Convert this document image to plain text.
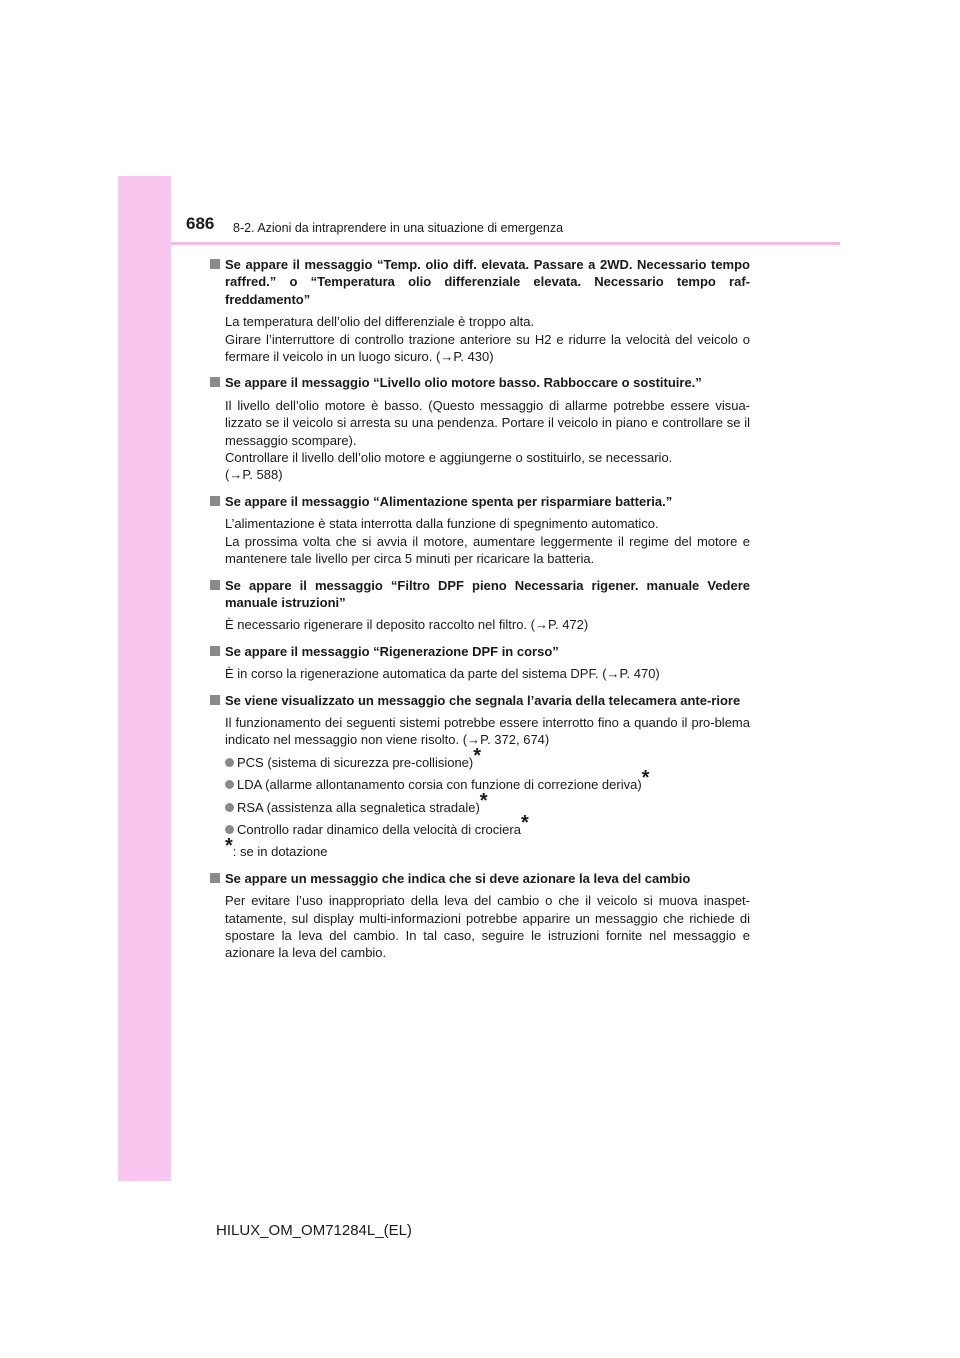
686 8-2. Azioni da intraprendere in una situazione di emergenza

Se appare il messaggio “Temp. olio diff. elevata. Passare a 2WD. Necessario tempo raffred.” o “Temperatura olio differenziale elevata. Necessario tempo raf-freddamento”

La temperatura dell’olio del differenziale è troppo alta.
Girare l’interruttore di controllo trazione anteriore su H2 e ridurre la velocità del veicolo o fermare il veicolo in un luogo sicuro. (→P. 430)

Se appare il messaggio “Livello olio motore basso. Rabboccare o sostituire.”

Il livello dell’olio motore è basso. (Questo messaggio di allarme potrebbe essere visua-lizzato se il veicolo si arresta su una pendenza. Portare il veicolo in piano e controllare se il messaggio scompare).
Controllare il livello dell’olio motore e aggiungerne o sostituirlo, se necessario.
(→P. 588)

Se appare il messaggio “Alimentazione spenta per risparmiare batteria.”

L’alimentazione è stata interrotta dalla funzione di spegnimento automatico.
La prossima volta che si avvia il motore, aumentare leggermente il regime del motore e mantenere tale livello per circa 5 minuti per ricaricare la batteria.

Se appare il messaggio “Filtro DPF pieno Necessaria rigener. manuale Vedere manuale istruzioni”

È necessario rigenerare il deposito raccolto nel filtro. (→P. 472)

Se appare il messaggio “Rigenerazione DPF in corso”

È in corso la rigenerazione automatica da parte del sistema DPF. (→P. 470)

Se viene visualizzato un messaggio che segnala l’avaria della telecamera ante-riore

Il funzionamento dei seguenti sistemi potrebbe essere interrotto fino a quando il pro-blema indicato nel messaggio non viene risolto. (→P. 372, 674)

PCS (sistema di sicurezza pre-collisione)*

LDA (allarme allontanamento corsia con funzione di correzione deriva)*

RSA (assistenza alla segnaletica stradale)*

Controllo radar dinamico della velocità di crociera*

*: se in dotazione

Se appare un messaggio che indica che si deve azionare la leva del cambio

Per evitare l’uso inappropriato della leva del cambio o che il veicolo si muova inaspet-tatamente, sul display multi-informazioni potrebbe apparire un messaggio che richiede di spostare la leva del cambio. In tal caso, seguire le istruzioni fornite nel messaggio e azionare la leva del cambio.

HILUX_OM_OM71284L_(EL)
